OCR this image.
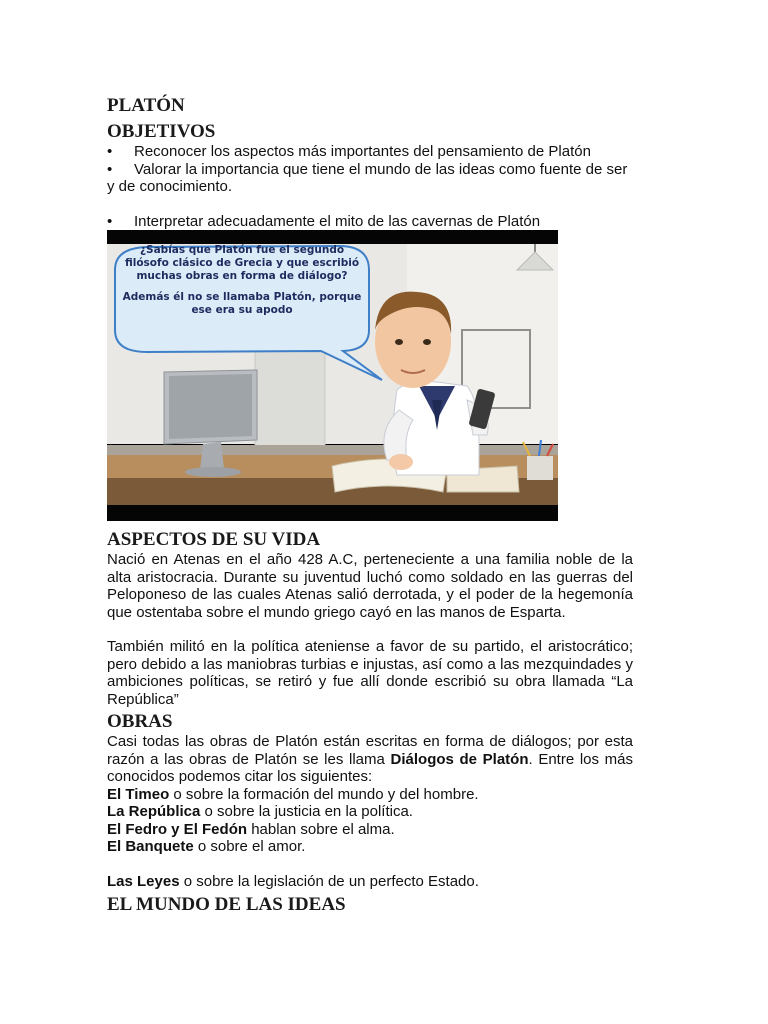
PLATÓN
OBJETIVOS
• Reconocer los aspectos más importantes del pensamiento de Platón
• Valorar la importancia que tiene el mundo de las ideas como fuente de ser y de conocimiento.
• Interpretar adecuadamente el mito de las cavernas de Platón
¿Sabías que Platón fue el segundo filósofo clásico de Grecia y que escribió muchas obras en forma de diálogo?
Además él no se llamaba Platón, porque ese era su apodo
ASPECTOS DE SU VIDA

Nació en Atenas en el año 428 A.C, perteneciente a una familia noble de la alta aristocracia. Durante su juventud luchó como soldado en las guerras del Peloponeso de las cuales Atenas salió derrotada, y el poder de la hegemonía que ostentaba sobre el mundo griego cayó en las manos de Esparta.

También militó en la política ateniense a favor de su partido, el aristocrático; pero debido a las maniobras turbias e injustas, así como a las mezquindades y ambiciones políticas, se retiró y fue allí donde escribió su obra llamada “La República”

OBRAS

Casi todas las obras de Platón están escritas en forma de diálogos; por esta razón a las obras de Platón se les llama Diálogos de Platón. Entre los más conocidos podemos citar los siguientes:

El Timeo o sobre la formación del mundo y del hombre.

La República o sobre la justicia en la política.

El Fedro y El Fedón hablan sobre el alma.

El Banquete o sobre el amor.

Las Leyes o sobre la legislación de un perfecto Estado.

EL MUNDO DE LAS IDEAS
